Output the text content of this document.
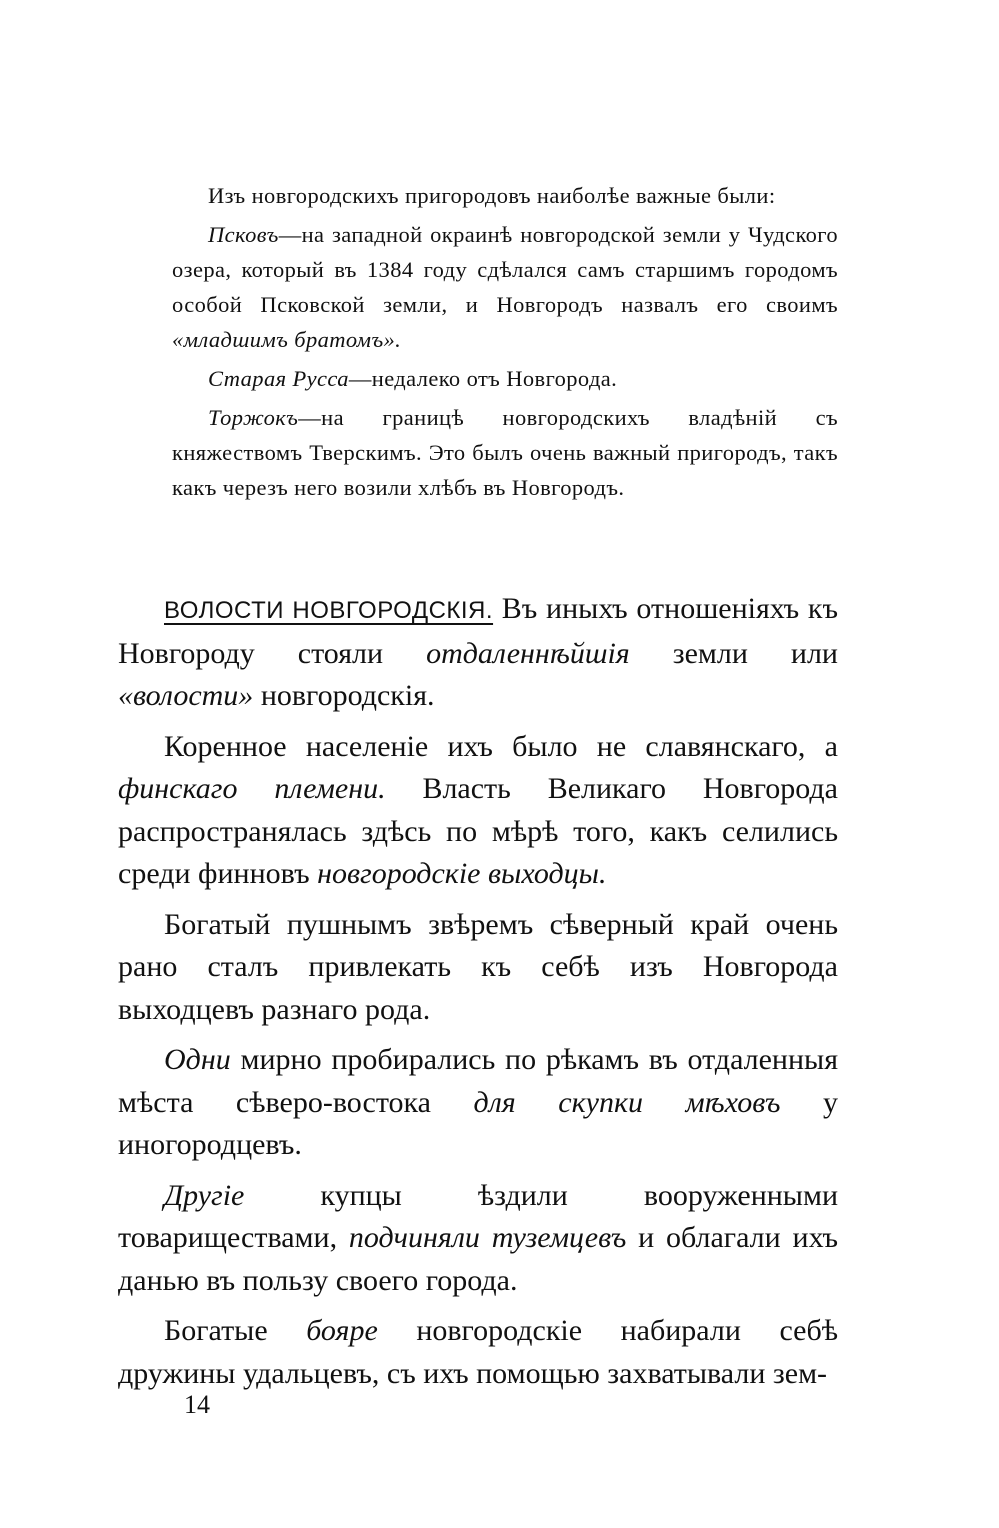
Изъ новгородскихъ пригородовъ наиболѣе важные были:

Псковъ—на западной окраинѣ новгородской земли у Чудского озера, который въ 1384 году сдѣлался самъ старшимъ городомъ особой Псковской земли, и Новгородъ назвалъ его своимъ «младшимъ братомъ».

Старая Русса—недалеко отъ Новгорода.

Торжокъ—на границѣ новгородскихъ владѣній съ княжествомъ Тверскимъ. Это былъ очень важный пригородъ, такъ какъ черезъ него возили хлѣбъ въ Новгородъ.

ВОЛОСТИ НОВГОРОДСКІЯ. Въ иныхъ отношеніяхъ къ Новгороду стояли отдаленнѣйшія земли или «волости» новгородскія.

Коренное населеніе ихъ было не славянскаго, а финскаго племени. Власть Великаго Новгорода распространялась здѣсь по мѣрѣ того, какъ селились среди финновъ новгородскіе выходцы.

Богатый пушнымъ звѣремъ сѣверный край очень рано сталъ привлекать къ себѣ изъ Новгорода выходцевъ разнаго рода.

Одни мирно пробирались по рѣкамъ въ отдаленныя мѣста сѣверо-востока для скупки мѣховъ у иногородцевъ.

Другіе купцы ѣздили вооруженными товариществами, подчиняли туземцевъ и облагали ихъ данью въ пользу своего города.

Богатые бояре новгородскіе набирали себѣ дружины удальцевъ, съ ихъ помощью захватывали зем-

14
